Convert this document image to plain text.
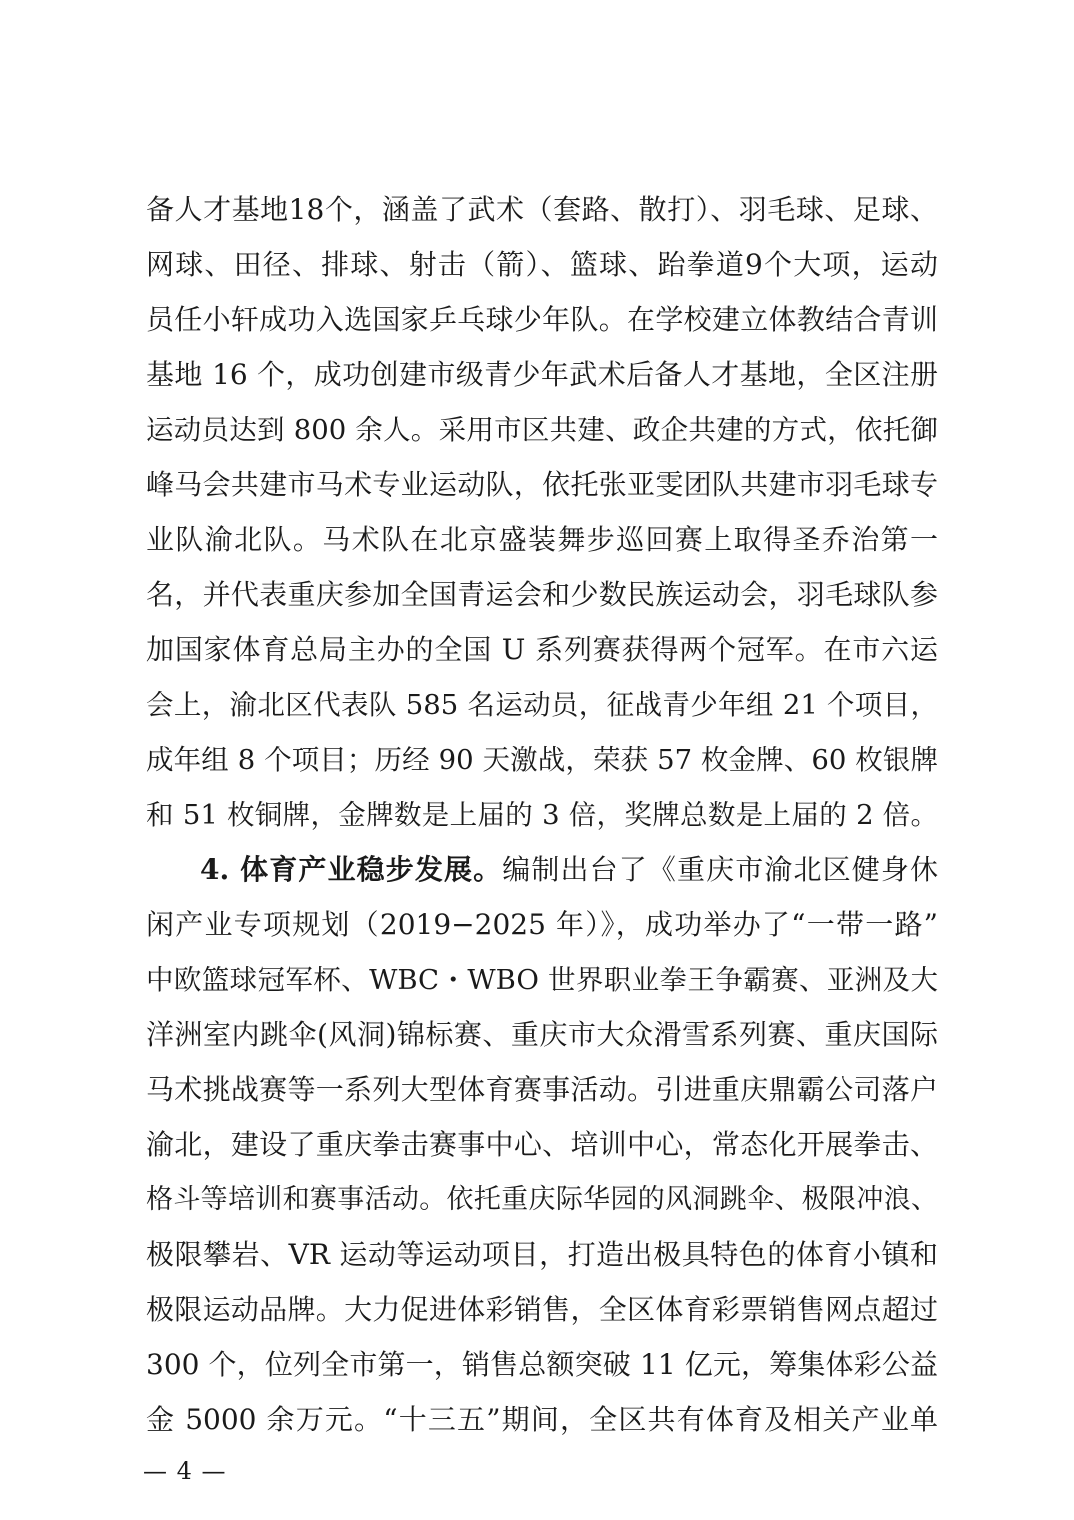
备人才基地18个，涵盖了武术（套路、散打）、羽毛球、足球、
网球、田径、排球、射击（箭）、篮球、跆拳道9个大项，运动
员任小轩成功入选国家乒乓球少年队。在学校建立体教结合青训
基地 16 个，成功创建市级青少年武术后备人才基地，全区注册
运动员达到 800 余人。采用市区共建、政企共建的方式，依托御
峰马会共建市马术专业运动队，依托张亚雯团队共建市羽毛球专
业队渝北队。马术队在北京盛装舞步巡回赛上取得圣乔治第一
名，并代表重庆参加全国青运会和少数民族运动会，羽毛球队参
加国家体育总局主办的全国 U 系列赛获得两个冠军。在市六运
会上，渝北区代表队 585 名运动员，征战青少年组 21 个项目，
成年组 8 个项目；历经 90 天激战，荣获 57 枚金牌、60 枚银牌
和 51 枚铜牌，金牌数是上届的 3 倍，奖牌总数是上届的 2 倍。
4. 体育产业稳步发展。编制出台了《重庆市渝北区健身休
闲产业专项规划（2019−2025 年）》，成功举办了“一带一路”
中欧篮球冠军杯、WBC・WBO 世界职业拳王争霸赛、亚洲及大
洋洲室内跳伞(风洞)锦标赛、重庆市大众滑雪系列赛、重庆国际
马术挑战赛等一系列大型体育赛事活动。引进重庆鼎霸公司落户
渝北，建设了重庆拳击赛事中心、培训中心，常态化开展拳击、
格斗等培训和赛事活动。依托重庆际华园的风洞跳伞、极限冲浪、
极限攀岩、VR 运动等运动项目，打造出极具特色的体育小镇和
极限运动品牌。大力促进体彩销售，全区体育彩票销售网点超过
300 个，位列全市第一，销售总额突破 11 亿元，筹集体彩公益
金 5000 余万元。“十三五”期间，全区共有体育及相关产业单
— 4 —
